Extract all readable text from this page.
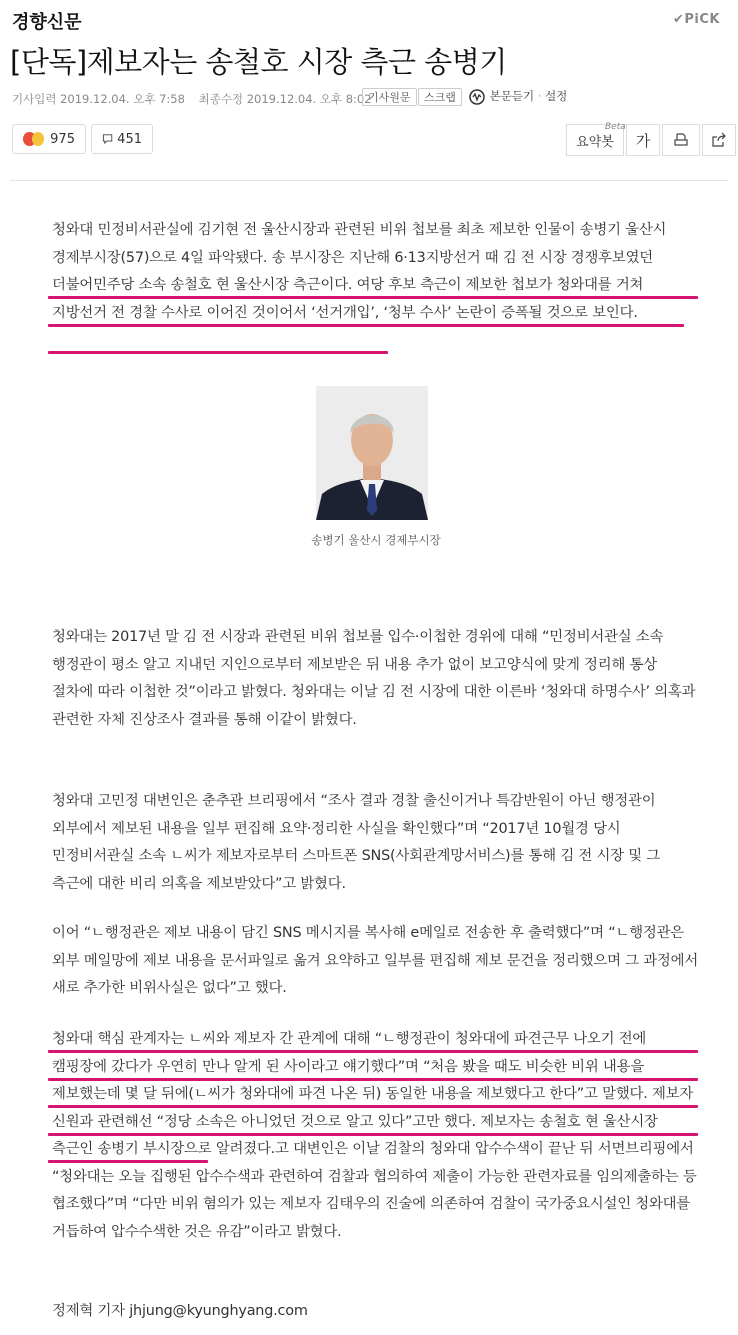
경향신문	✔PiCK
[단독]제보자는 송철호 시장 측근 송병기
기사입력 2019.12.04. 오후 7:58 최종수정 2019.12.04. 오후 8:02
기사원문	스크랩	본문듣기 · 설정
975	451	요약봇
Beta
가

청와대 민정비서관실에 김기현 전 울산시장과 관련된 비위 첩보를 최초 제보한 인물이 송병기 울산시 경제부시장(57)으로 4일 파악됐다. 송 부시장은 지난해 6·13지방선거 때 김 전 시장 경쟁후보였던 더불어민주당 소속 송철호 현 울산시장 측근이다. 여당 후보 측근이 제보한 첩보가 청와대를 거쳐 지방선거 전 경찰 수사로 이어진 것이어서 ‘선거개입’, ‘청부 수사’ 논란이 증폭될 것으로 보인다.

송병기 울산시 경제부시장

청와대는 2017년 말 김 전 시장과 관련된 비위 첩보를 입수·이첩한 경위에 대해 “민정비서관실 소속 행정관이 평소 알고 지내던 지인으로부터 제보받은 뒤 내용 추가 없이 보고양식에 맞게 정리해 통상 절차에 따라 이첩한 것”이라고 밝혔다. 청와대는 이날 김 전 시장에 대한 이른바 ‘청와대 하명수사’ 의혹과 관련한 자체 진상조사 결과를 통해 이같이 밝혔다.

청와대 고민정 대변인은 춘추관 브리핑에서 “조사 결과 경찰 출신이거나 특감반원이 아닌 행정관이 외부에서 제보된 내용을 일부 편집해 요약·정리한 사실을 확인했다”며 “2017년 10월경 당시 민정비서관실 소속 ㄴ씨가 제보자로부터 스마트폰 SNS(사회관계망서비스)를 통해 김 전 시장 및 그 측근에 대한 비리 의혹을 제보받았다”고 밝혔다.

이어 “ㄴ행정관은 제보 내용이 담긴 SNS 메시지를 복사해 e메일로 전송한 후 출력했다”며 “ㄴ행정관은 외부 메일망에 제보 내용을 문서파일로 옮겨 요약하고 일부를 편집해 제보 문건을 정리했으며 그 과정에서 새로 추가한 비위사실은 없다”고 했다.

청와대 핵심 관계자는 ㄴ씨와 제보자 간 관계에 대해 “ㄴ행정관이 청와대에 파견근무 나오기 전에 캠핑장에 갔다가 우연히 만나 알게 된 사이라고 얘기했다”며 “처음 봤을 때도 비슷한 비위 내용을 제보했는데 몇 달 뒤에(ㄴ씨가 청와대에 파견 나온 뒤) 동일한 내용을 제보했다고 한다”고 말했다. 제보자 신원과 관련해선 “정당 소속은 아니었던 것으로 알고 있다”고만 했다. 제보자는 송철호 현 울산시장 측근인 송병기 부시장으로 알려졌다.고 대변인은 이날 검찰의 청와대 압수수색이 끝난 뒤 서면브리핑에서 “청와대는 오늘 집행된 압수수색과 관련하여 검찰과 협의하여 제출이 가능한 관련자료를 임의제출하는 등 협조했다”며 “다만 비위 혐의가 있는 제보자 김태우의 진술에 의존하여 검찰이 국가중요시설인 청와대를 거듭하여 압수수색한 것은 유감”이라고 밝혔다.

정제혁 기자 jhjung@kyunghyang.com
